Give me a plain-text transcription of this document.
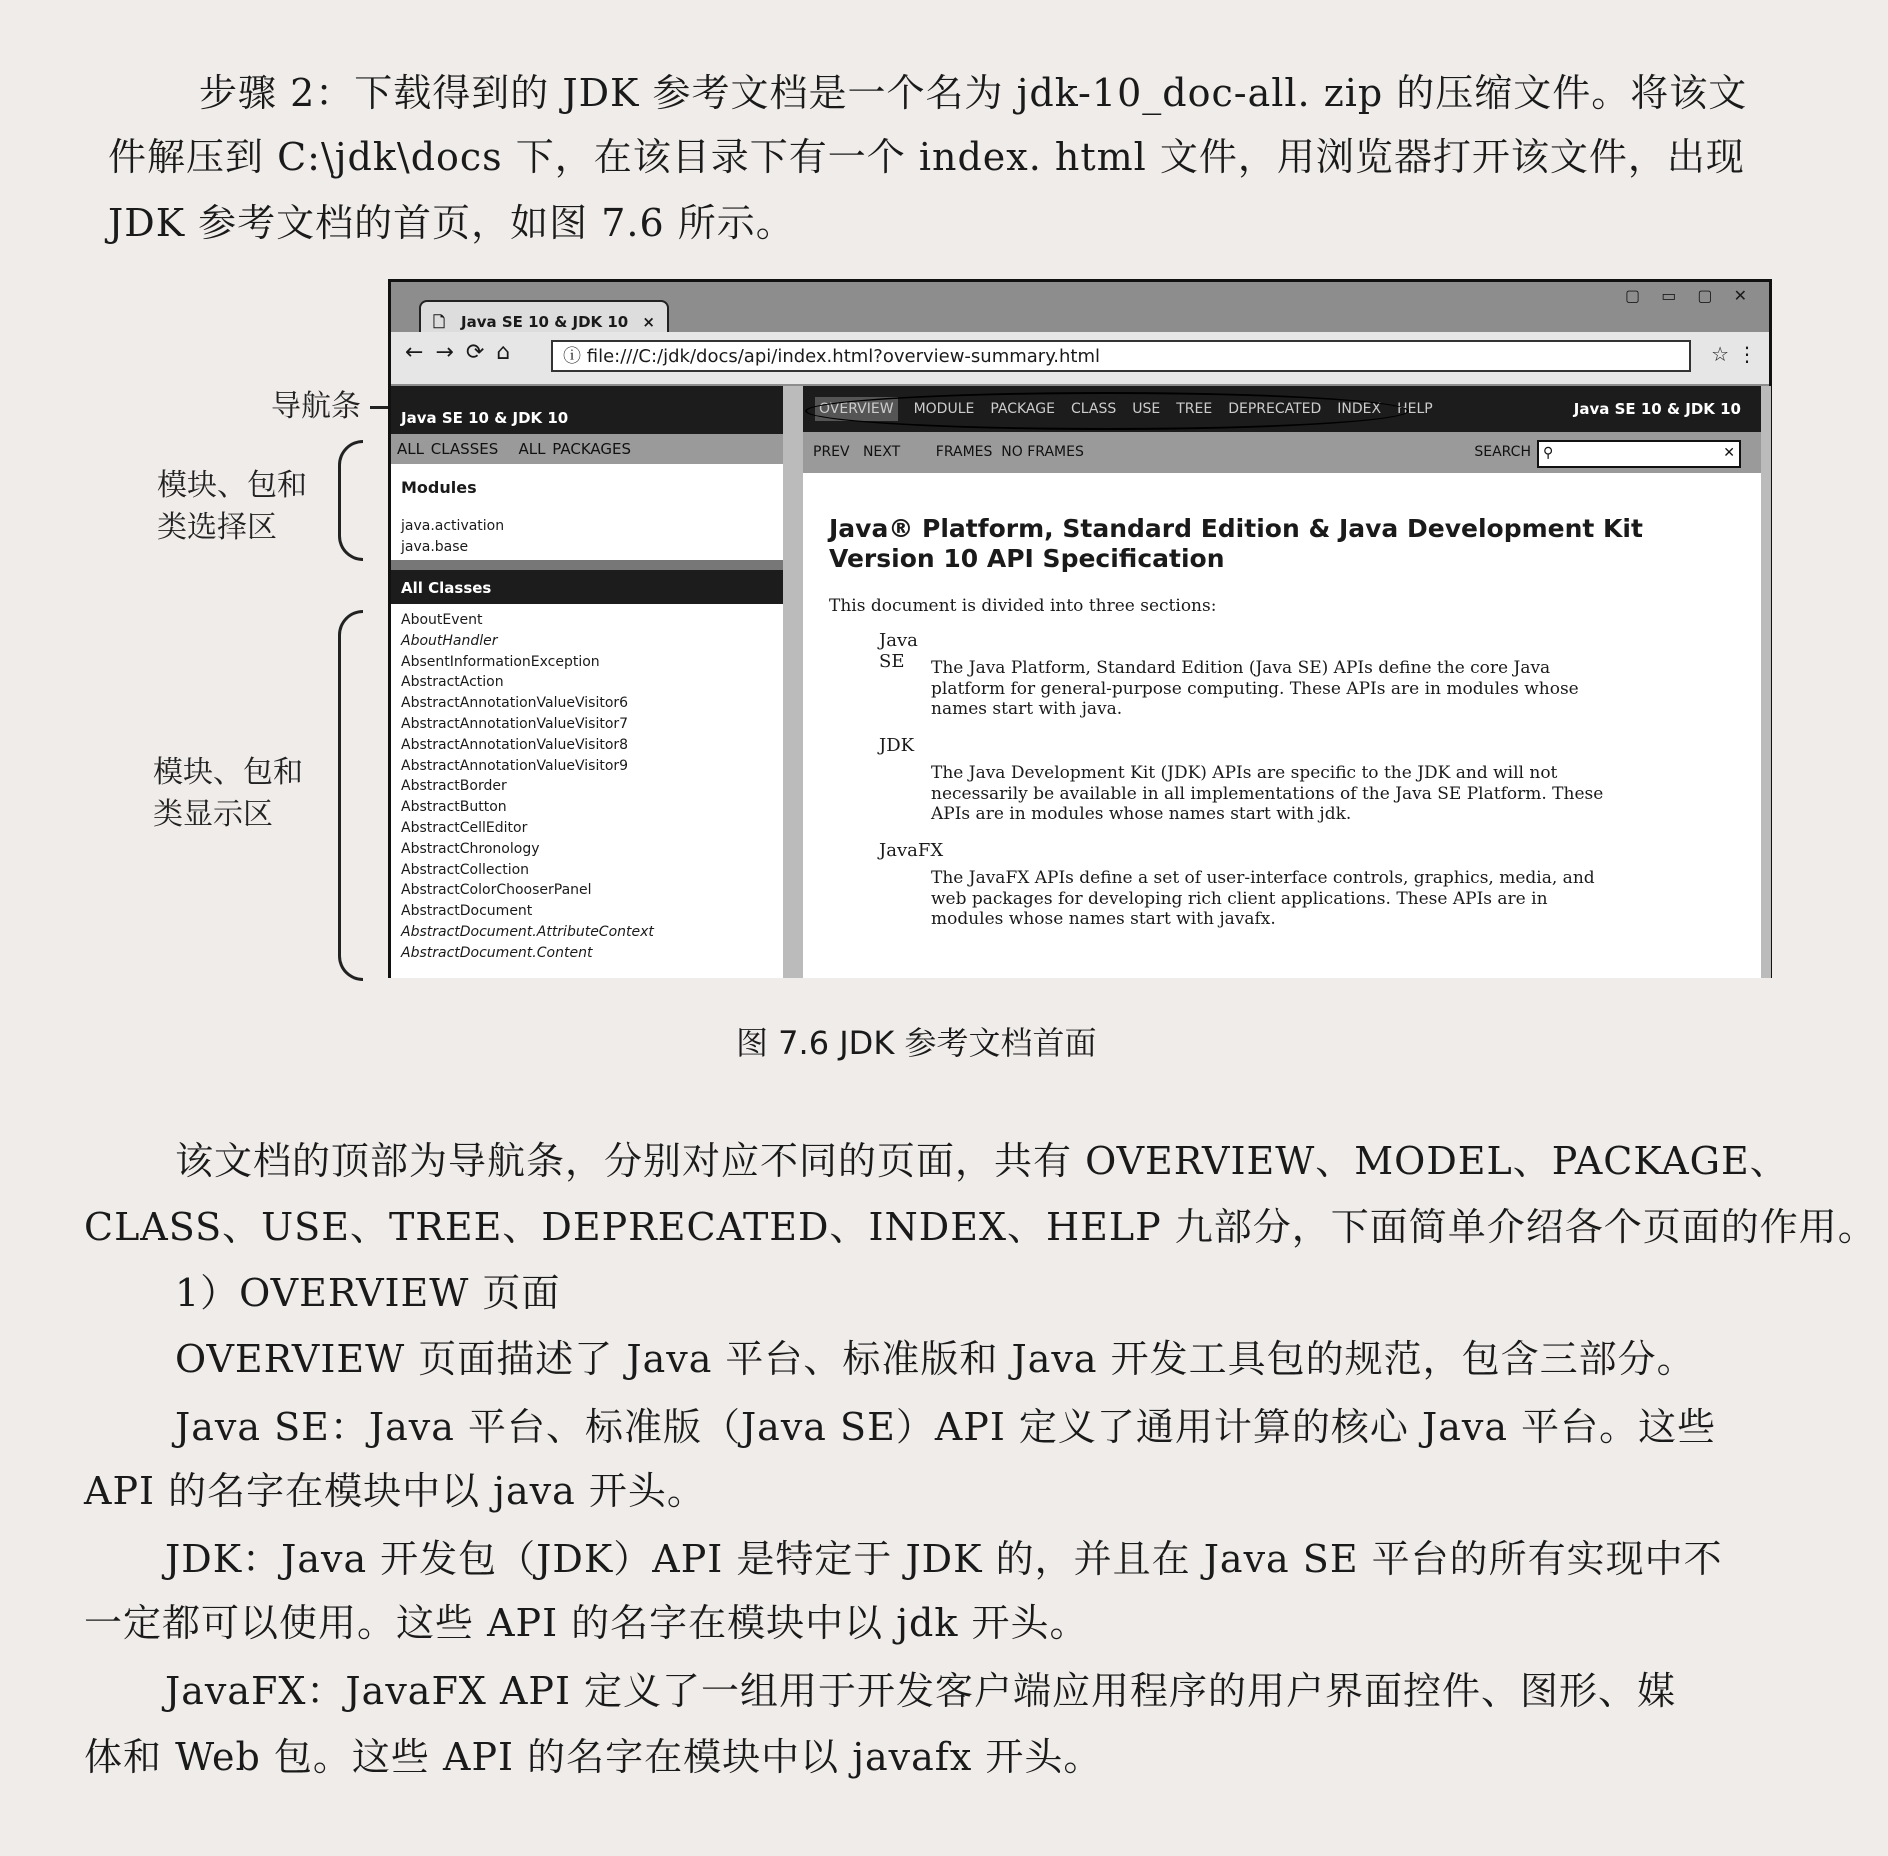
步骤 2：下载得到的 JDK 参考文档是一个名为 jdk-10_doc-all. zip 的压缩文件。将该文
件解压到 C:\jdk\docs 下，在该目录下有一个 index. html 文件，用浏览器打开该文件，出现
JDK 参考文档的首页，如图 7.6 所示。
导航条
模块、包和
类选择区
模块、包和
类显示区
▢ ▭ ▢ ✕
🗋 Java SE 10 & JDK 10 ×
←→⟳⌂	ⓘ file:///C:/jdk/docs/api/index.html?overview-summary.html	☆ ⋮
Java SE 10 & JDK 10
ALL CLASSES ALL PACKAGES
Modules
java.activation
java.base
All Classes
AboutEvent
AboutHandler
AbsentInformationException
AbstractAction
AbstractAnnotationValueVisitor6
AbstractAnnotationValueVisitor7
AbstractAnnotationValueVisitor8
AbstractAnnotationValueVisitor9
AbstractBorder
AbstractButton
AbstractCellEditor
AbstractChronology
AbstractCollection
AbstractColorChooserPanel
AbstractDocument
AbstractDocument.AttributeContext
AbstractDocument.Content
OVERVIEW MODULE PACKAGE CLASS USE TREE DEPRECATED INDEX HELP	Java SE 10 & JDK 10
PREV NEXT	FRAMES NO FRAMES	SEARCH ⚲	✕
Java® Platform, Standard Edition & Java Development Kit
Version 10 API Specification
This document is divided into three sections:
Java SE	The Java Platform, Standard Edition (Java SE) APIs define the core Java
platform for general-purpose computing. These APIs are in modules whose
names start with java.
JDK
The Java Development Kit (JDK) APIs are specific to the JDK and will not
necessarily be available in all implementations of the Java SE Platform. These
APIs are in modules whose names start with jdk.
JavaFX
The JavaFX APIs define a set of user-interface controls, graphics, media, and
web packages for developing rich client applications. These APIs are in
modules whose names start with javafx.
图 7.6 JDK 参考文档首面
该文档的顶部为导航条，分别对应不同的页面，共有 OVERVIEW、MODEL、PACKAGE、
CLASS、USE、TREE、DEPRECATED、INDEX、HELP 九部分，下面简单介绍各个页面的作用。
1）OVERVIEW 页面
OVERVIEW 页面描述了 Java 平台、标准版和 Java 开发工具包的规范，包含三部分。
Java SE：Java 平台、标准版（Java SE）API 定义了通用计算的核心 Java 平台。这些
API 的名字在模块中以 java 开头。
JDK：Java 开发包（JDK）API 是特定于 JDK 的，并且在 Java SE 平台的所有实现中不
一定都可以使用。这些 API 的名字在模块中以 jdk 开头。
JavaFX：JavaFX API 定义了一组用于开发客户端应用程序的用户界面控件、图形、媒
体和 Web 包。这些 API 的名字在模块中以 javafx 开头。
